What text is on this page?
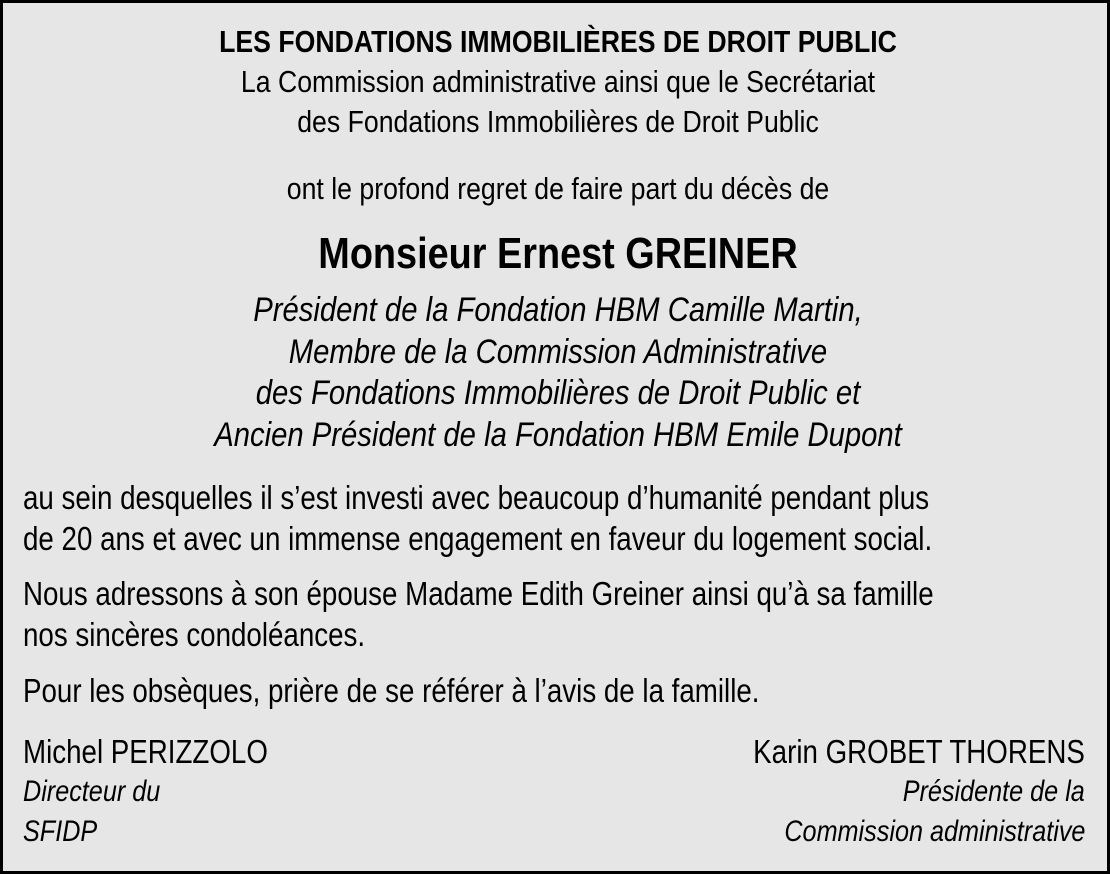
LES FONDATIONS IMMOBILIÈRES DE DROIT PUBLIC
La Commission administrative ainsi que le Secrétariat
des Fondations Immobilières de Droit Public
ont le profond regret de faire part du décès de
Monsieur Ernest GREINER
Président de la Fondation HBM Camille Martin,
Membre de la Commission Administrative
des Fondations Immobilières de Droit Public et
Ancien Président de la Fondation HBM Emile Dupont
au sein desquelles il s’est investi avec beaucoup d’humanité pendant plus
de 20 ans et avec un immense engagement en faveur du logement social.
Nous adressons à son épouse Madame Edith Greiner ainsi qu’à sa famille
nos sincères condoléances.
Pour les obsèques, prière de se référer à l’avis de la famille.
Michel PERIZZOLO
Directeur du
SFIDP
Karin GROBET THORENS
Présidente de la
Commission administrative
